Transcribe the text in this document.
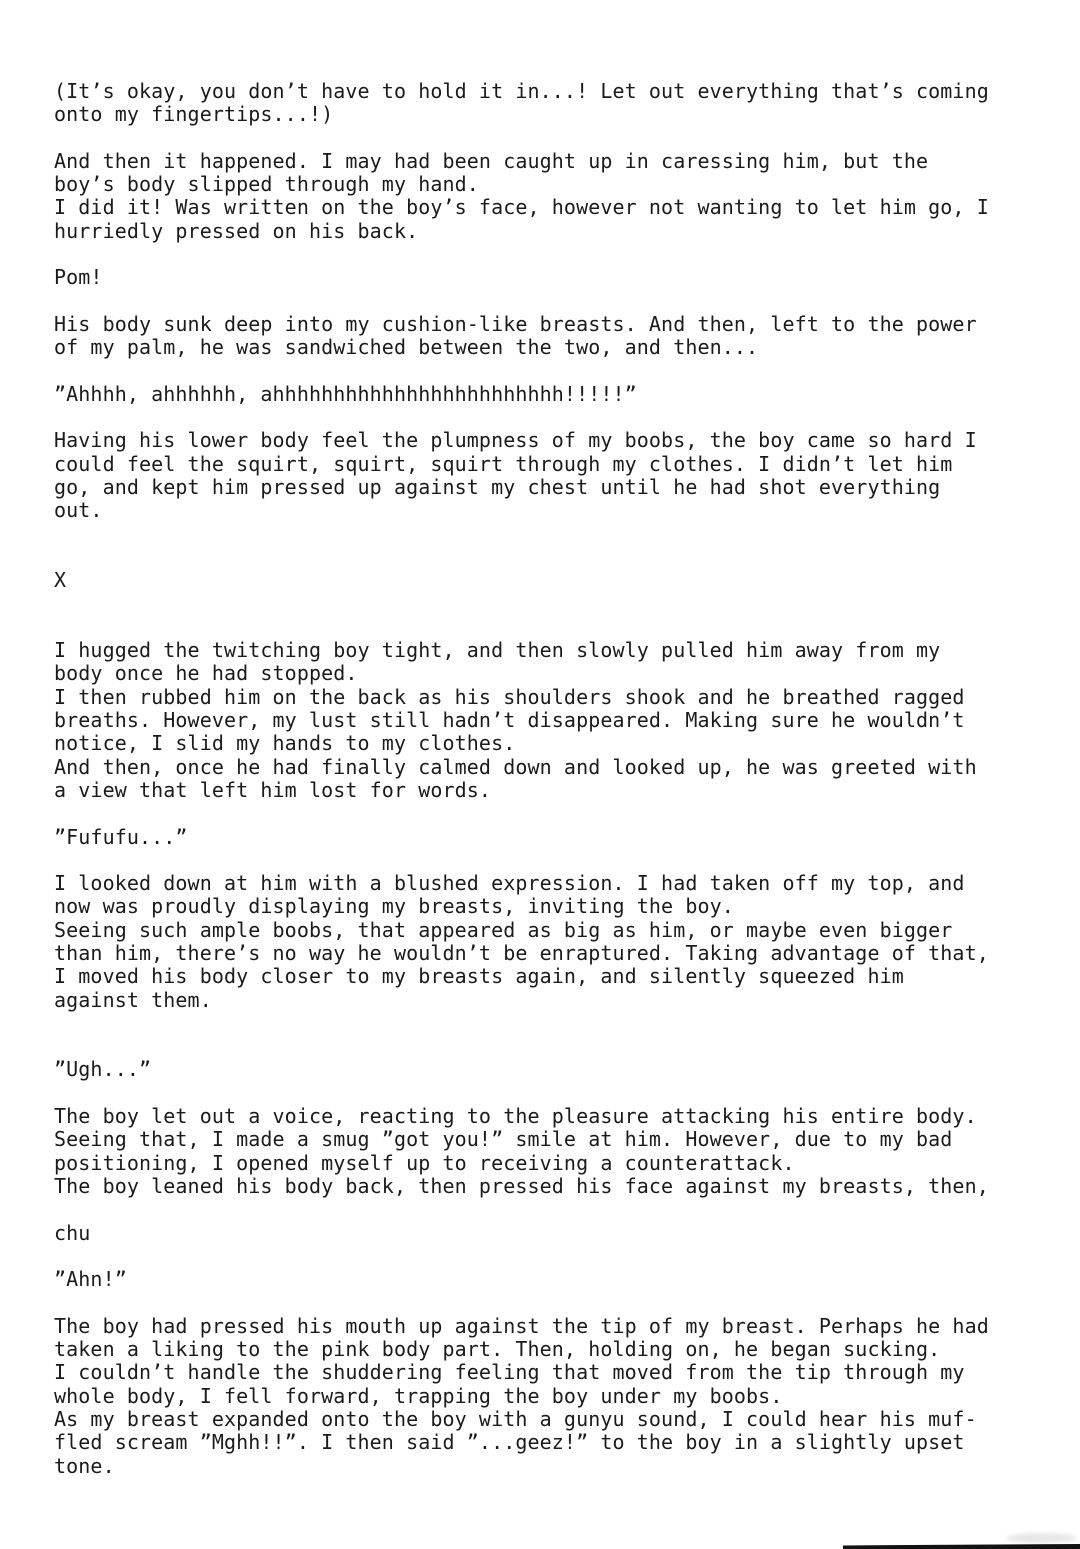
(It’s okay, you don’t have to hold it in...! Let out everything that’s coming
onto my fingertips...!)

And then it happened. I may had been caught up in caressing him, but the
boy’s body slipped through my hand.
I did it! Was written on the boy’s face, however not wanting to let him go, I
hurriedly pressed on his back.

Pom!

His body sunk deep into my cushion-like breasts. And then, left to the power
of my palm, he was sandwiched between the two, and then...

”Ahhhh, ahhhhhh, ahhhhhhhhhhhhhhhhhhhhhhhh!!!!!”

Having his lower body feel the plumpness of my boobs, the boy came so hard I
could feel the squirt, squirt, squirt through my clothes. I didn’t let him
go, and kept him pressed up against my chest until he had shot everything
out.

X

I hugged the twitching boy tight, and then slowly pulled him away from my
body once he had stopped.
I then rubbed him on the back as his shoulders shook and he breathed ragged
breaths. However, my lust still hadn’t disappeared. Making sure he wouldn’t
notice, I slid my hands to my clothes.
And then, once he had finally calmed down and looked up, he was greeted with
a view that left him lost for words.

”Fufufu...”

I looked down at him with a blushed expression. I had taken off my top, and
now was proudly displaying my breasts, inviting the boy.
Seeing such ample boobs, that appeared as big as him, or maybe even bigger
than him, there’s no way he wouldn’t be enraptured. Taking advantage of that,
I moved his body closer to my breasts again, and silently squeezed him
against them.

”Ugh...”

The boy let out a voice, reacting to the pleasure attacking his entire body.
Seeing that, I made a smug ”got you!” smile at him. However, due to my bad
positioning, I opened myself up to receiving a counterattack.
The boy leaned his body back, then pressed his face against my breasts, then,

chu

”Ahn!”

The boy had pressed his mouth up against the tip of my breast. Perhaps he had
taken a liking to the pink body part. Then, holding on, he began sucking.
I couldn’t handle the shuddering feeling that moved from the tip through my
whole body, I fell forward, trapping the boy under my boobs.
As my breast expanded onto the boy with a gunyu sound, I could hear his muf-
fled scream ”Mghh!!”. I then said ”...geez!” to the boy in a slightly upset
tone.
